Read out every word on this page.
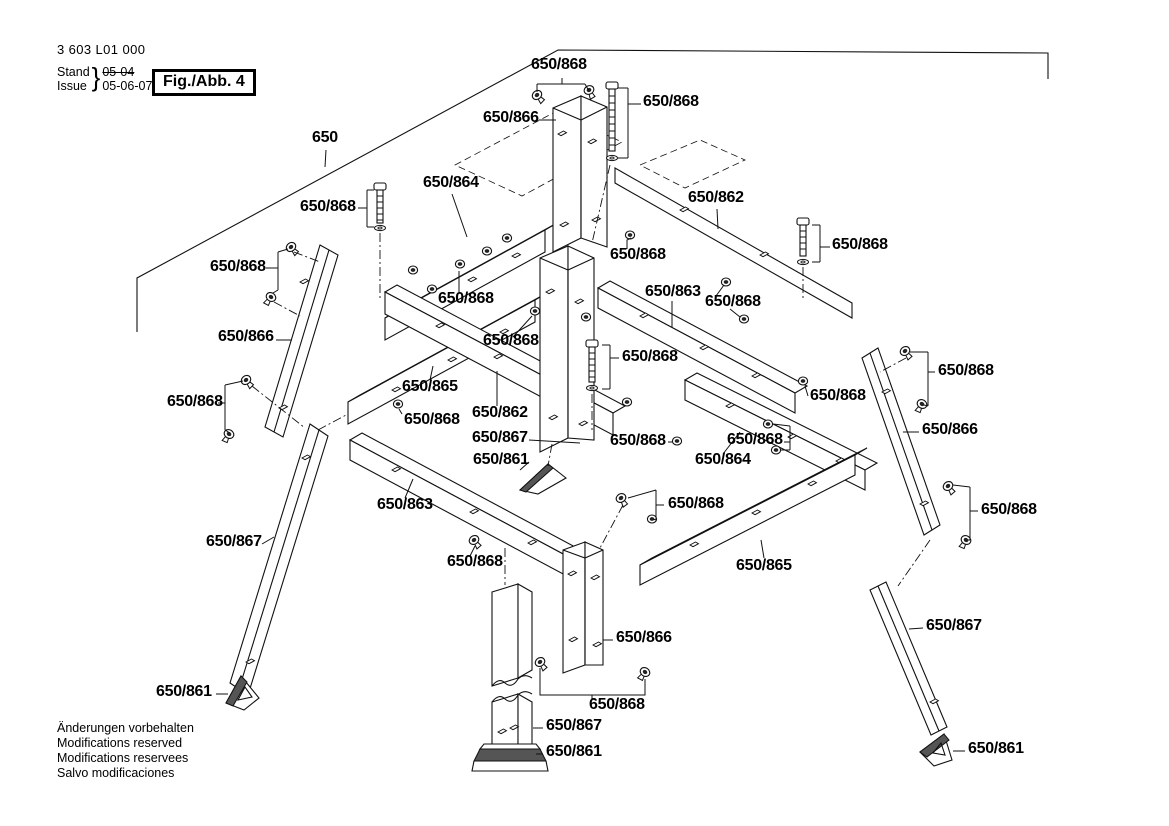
3 603 L01 000
Stand
Issue } 05-04
05-06-07 Fig./Abb. 4
Änderungen vorbehalten
Modifications reserved
Modifications reservees
Salvo modificaciones
650/868
650/868
650/866
650
650/864
650/862
650/868
650/868
650/868
650/868
650/868	650/863
650/868
650/866	650/868
650/868
650/868
650/865
650/868
650/868
650/862
650/868
650/866
650/867	650/868	650/868
650/861	650/864
650/863	650/868	650/868
650/867
650/868	650/865
650/866
650/867
650/868
650/861
650/867
650/861	650/861
